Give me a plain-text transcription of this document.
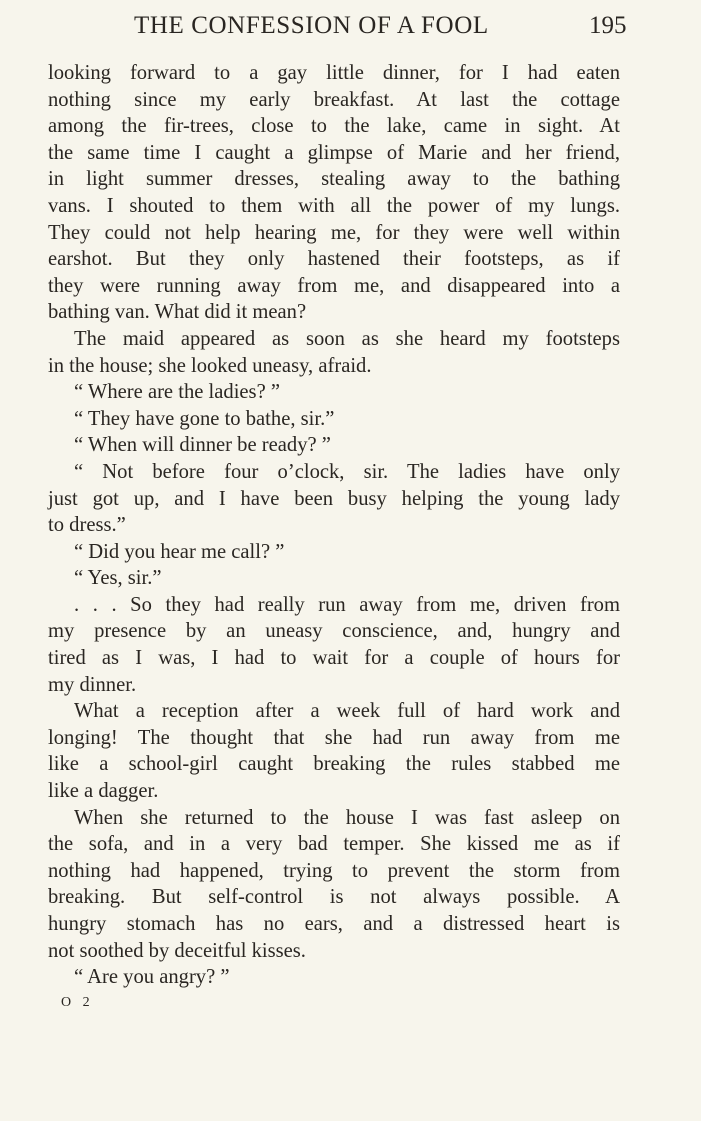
THE CONFESSION OF A FOOL	195
looking forward to a gay little dinner, for I had eaten
nothing since my early breakfast. At last the cottage
among the fir-trees, close to the lake, came in sight. At
the same time I caught a glimpse of Marie and her friend,
in light summer dresses, stealing away to the bathing
vans. I shouted to them with all the power of my lungs.
They could not help hearing me, for they were well within
earshot. But they only hastened their footsteps, as if
they were running away from me, and disappeared into a
bathing van. What did it mean?
The maid appeared as soon as she heard my footsteps
in the house; she looked uneasy, afraid.
“ Where are the ladies? ”
“ They have gone to bathe, sir.”
“ When will dinner be ready? ”
“ Not before four o’clock, sir. The ladies have only
just got up, and I have been busy helping the young lady
to dress.”
“ Did you hear me call? ”
“ Yes, sir.”
. . . So they had really run away from me, driven from
my presence by an uneasy conscience, and, hungry and
tired as I was, I had to wait for a couple of hours for
my dinner.
What a reception after a week full of hard work and
longing! The thought that she had run away from me
like a school-girl caught breaking the rules stabbed me
like a dagger.
When she returned to the house I was fast asleep on
the sofa, and in a very bad temper. She kissed me as if
nothing had happened, trying to prevent the storm from
breaking. But self-control is not always possible. A
hungry stomach has no ears, and a distressed heart is
not soothed by deceitful kisses.
“ Are you angry? ”
O 2
